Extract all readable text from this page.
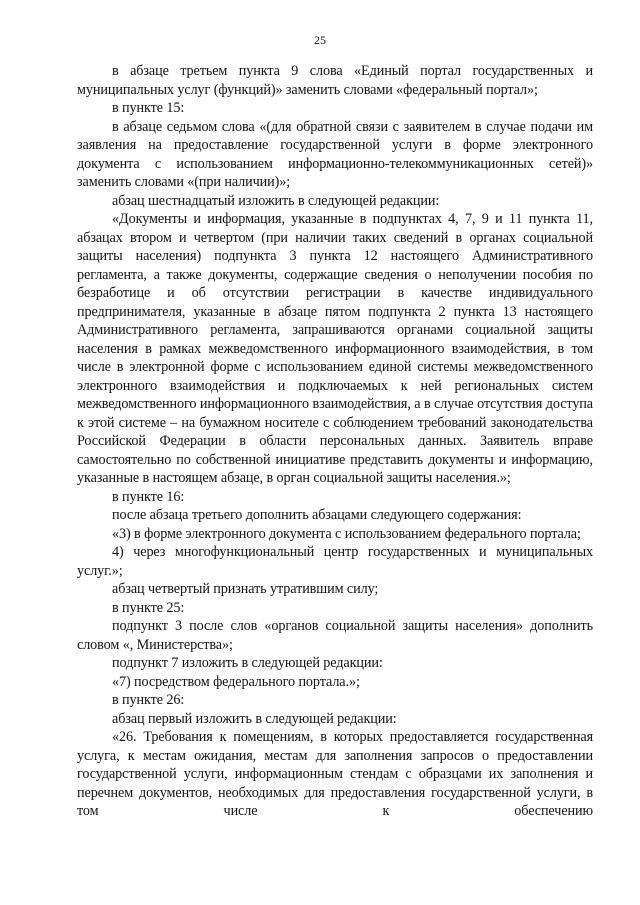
25

в абзаце третьем пункта 9 слова «Единый портал государственных и муниципальных услуг (функций)» заменить словами «федеральный портал»;

в пункте 15:

в абзаце седьмом слова «(для обратной связи с заявителем в случае подачи им заявления на предоставление государственной услуги в форме электронного документа с использованием информационно-телекоммуникационных сетей)» заменить словами «(при наличии)»;

абзац шестнадцатый изложить в следующей редакции:

«Документы и информация, указанные в подпунктах 4, 7, 9 и 11 пункта 11, абзацах втором и четвертом (при наличии таких сведений в органах социальной защиты населения) подпункта 3 пункта 12 настоящего Административного регламента, а также документы, содержащие сведения о неполучении пособия по безработице и об отсутствии регистрации в качестве индивидуального предпринимателя, указанные в абзаце пятом подпункта 2 пункта 13 настоящего Административного регламента, запрашиваются органами социальной защиты населения в рамках межведомственного информационного взаимодействия, в том числе в электронной форме с использованием единой системы межведомственного электронного взаимодействия и подключаемых к ней региональных систем межведомственного информационного взаимодействия, а в случае отсутствия доступа к этой системе – на бумажном носителе с соблюдением требований законодательства Российской Федерации в области персональных данных. Заявитель вправе самостоятельно по собственной инициативе представить документы и информацию, указанные в настоящем абзаце, в орган социальной защиты населения.»;

в пункте 16:

после абзаца третьего дополнить абзацами следующего содержания:

«3) в форме электронного документа с использованием федерального портала;

4) через многофункциональный центр государственных и муниципальных услуг.»;

абзац четвертый признать утратившим силу;

в пункте 25:

подпункт 3 после слов «органов социальной защиты населения» дополнить словом «, Министерства»;

подпункт 7 изложить в следующей редакции:

«7) посредством федерального портала.»;

в пункте 26:

абзац первый изложить в следующей редакции:

«26. Требования к помещениям, в которых предоставляется государственная услуга, к местам ожидания, местам для заполнения запросов о предоставлении государственной услуги, информационным стендам с образцами их заполнения и перечнем документов, необходимых для предоставления государственной услуги, в том числе к обеспечению
